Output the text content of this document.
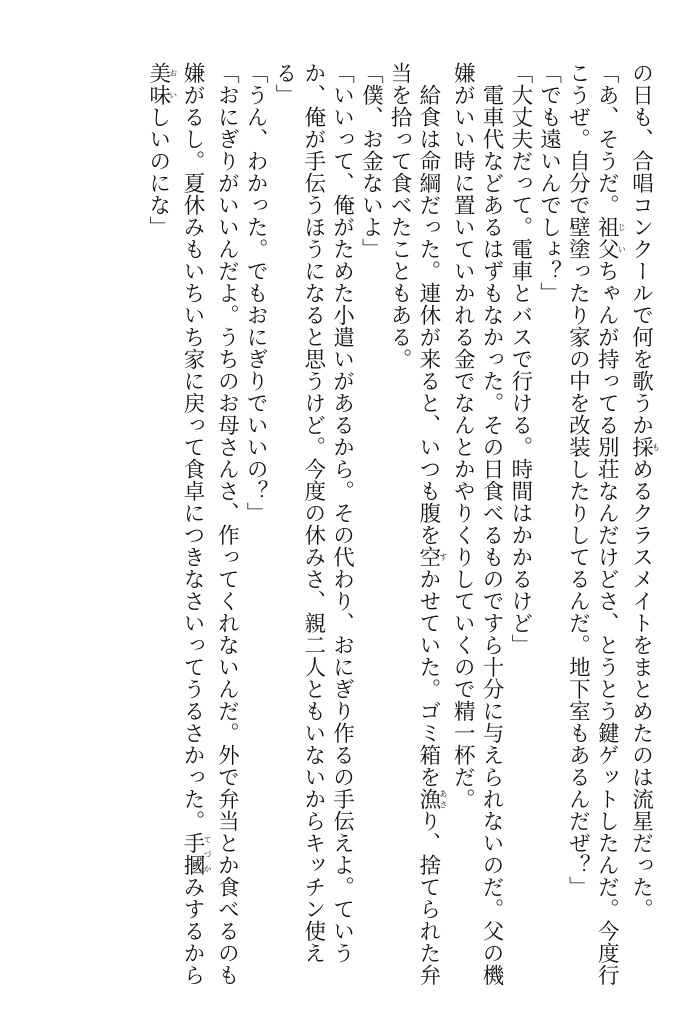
の日も、合唱コンクールで何を歌うか採もめるクラスメイトをまとめたのは流星だった。

「あ、そうだ。祖父じいちゃんが持ってる別荘なんだけどさ、とうとう鍵ゲットしたんだ。今度行

こうぜ。自分で壁塗ったり家の中を改装したりしてるんだ。地下室もあるんだぜ？」

「でも遠いんでしょ？」

「大丈夫だって。電車とバスで行ける。時間はかかるけど」

　電車代などあるはずもなかった。その日食べるものですら十分に与えられないのだ。父の機

嫌がいい時に置いていかれる金でなんとかやりくりしていくので精一杯だ。

　給食は命綱だった。連休が来ると、いつも腹を空すかせていた。ゴミ箱を漁あさり、捨てられた弁

当を拾って食べたこともある。

「僕、お金ないよ」

「いいって、俺がためた小遣いがあるから。その代わり、おにぎり作るの手伝えよ。ていう

か、俺が手伝うほうになると思うけど。今度の休みさ、親二人ともいないからキッチン使え

る」

「うん、わかった。でもおにぎりでいいの？」

「おにぎりがいいんだよ。うちのお母さんさ、作ってくれないんだ。外で弁当とか食べるのも

嫌がるし。夏休みもいちいち家に戻って食卓につきなさいってうるさかった。手摑てづかみするから

美味おいしいのにな」
